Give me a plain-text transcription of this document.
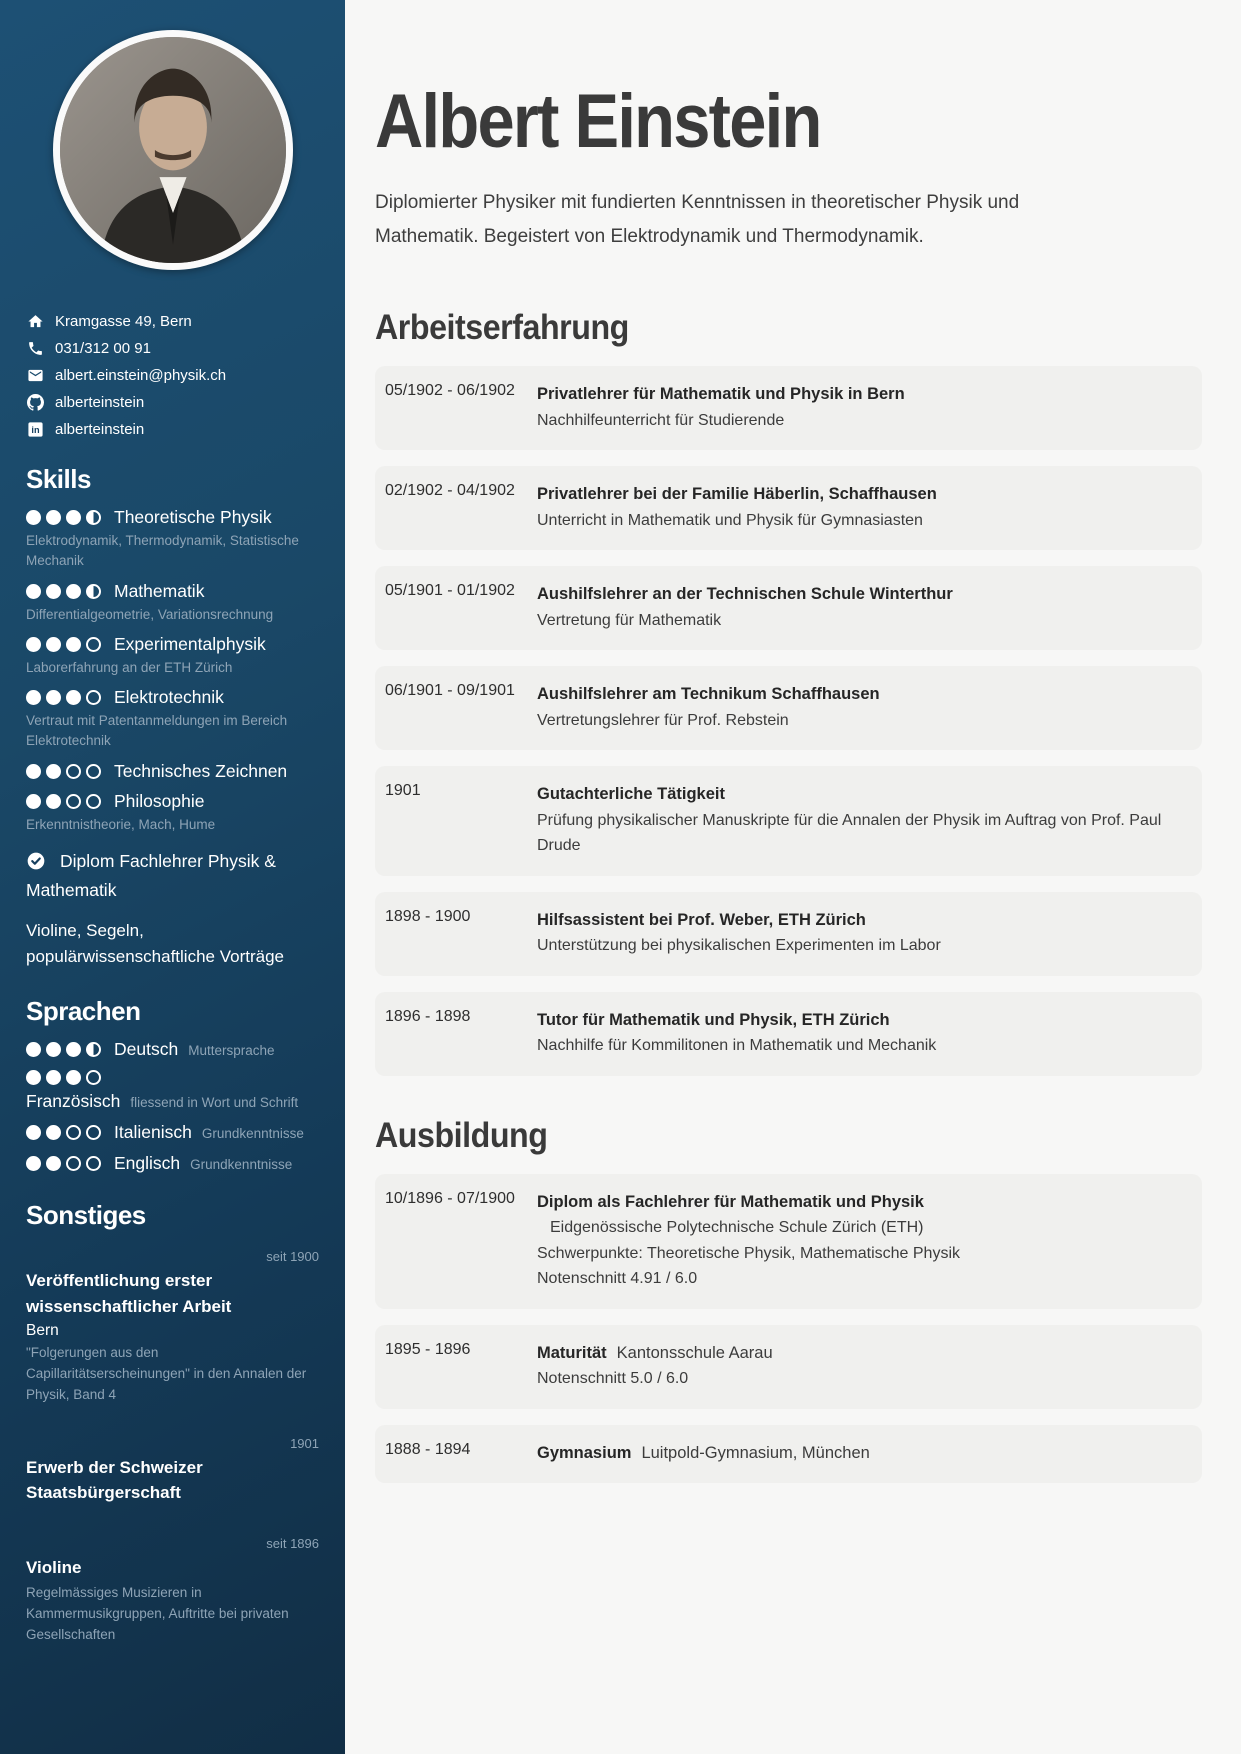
Kramgasse 49, Bern
031/312 00 91
albert.einstein@physik.ch
alberteinstein
in alberteinstein
Skills
Theoretische Physik
Elektrodynamik, Thermodynamik, Statistische Mechanik
Mathematik
Differentialgeometrie, Variationsrechnung
Experimentalphysik
Laborerfahrung an der ETH Zürich
Elektrotechnik
Vertraut mit Patentanmeldungen im Bereich Elektrotechnik
Technisches Zeichnen
Philosophie
Erkenntnistheorie, Mach, Hume
Diplom Fachlehrer Physik & Mathematik
Violine, Segeln, populärwissenschaftliche Vorträge
Sprachen
Deutsch Muttersprache
Französisch fliessend in Wort und Schrift
Italienisch Grundkenntnisse
Englisch Grundkenntnisse
Sonstiges
seit 1900
Veröffentlichung erster wissenschaftlicher Arbeit
Bern
"Folgerungen aus den Capillaritätserscheinungen" in den Annalen der Physik, Band 4
1901
Erwerb der Schweizer Staatsbürgerschaft
seit 1896
Violine
Regelmässiges Musizieren in Kammermusikgruppen, Auftritte bei privaten Gesellschaften
Albert Einstein

Diplomierter Physiker mit fundierten Kenntnissen in theoretischer Physik und Mathematik. Begeistert von Elektrodynamik und Thermodynamik.

Arbeitserfahrung
05/1902 - 06/1902	Privatlehrer für Mathematik und Physik in Bern
Nachhilfeunterricht für Studierende
02/1902 - 04/1902	Privatlehrer bei der Familie Häberlin, Schaffhausen
Unterricht in Mathematik und Physik für Gymnasiasten
05/1901 - 01/1902	Aushilfslehrer an der Technischen Schule Winterthur
Vertretung für Mathematik
06/1901 - 09/1901	Aushilfslehrer am Technikum Schaffhausen
Vertretungslehrer für Prof. Rebstein
1901	Gutachterliche Tätigkeit
Prüfung physikalischer Manuskripte für die Annalen der Physik im Auftrag von Prof. Paul Drude
1898 - 1900	Hilfsassistent bei Prof. Weber, ETH Zürich
Unterstützung bei physikalischen Experimenten im Labor
1896 - 1898	Tutor für Mathematik und Physik, ETH Zürich
Nachhilfe für Kommilitonen in Mathematik und Mechanik
Ausbildung
10/1896 - 07/1900	Diplom als Fachlehrer für Mathematik und Physik
Eidgenössische Polytechnische Schule Zürich (ETH)
Schwerpunkte: Theoretische Physik, Mathematische Physik
Notenschnitt 4.91 / 6.0
1895 - 1896	Maturität Kantonsschule Aarau
Notenschnitt 5.0 / 6.0
1888 - 1894	Gymnasium Luitpold-Gymnasium, München
